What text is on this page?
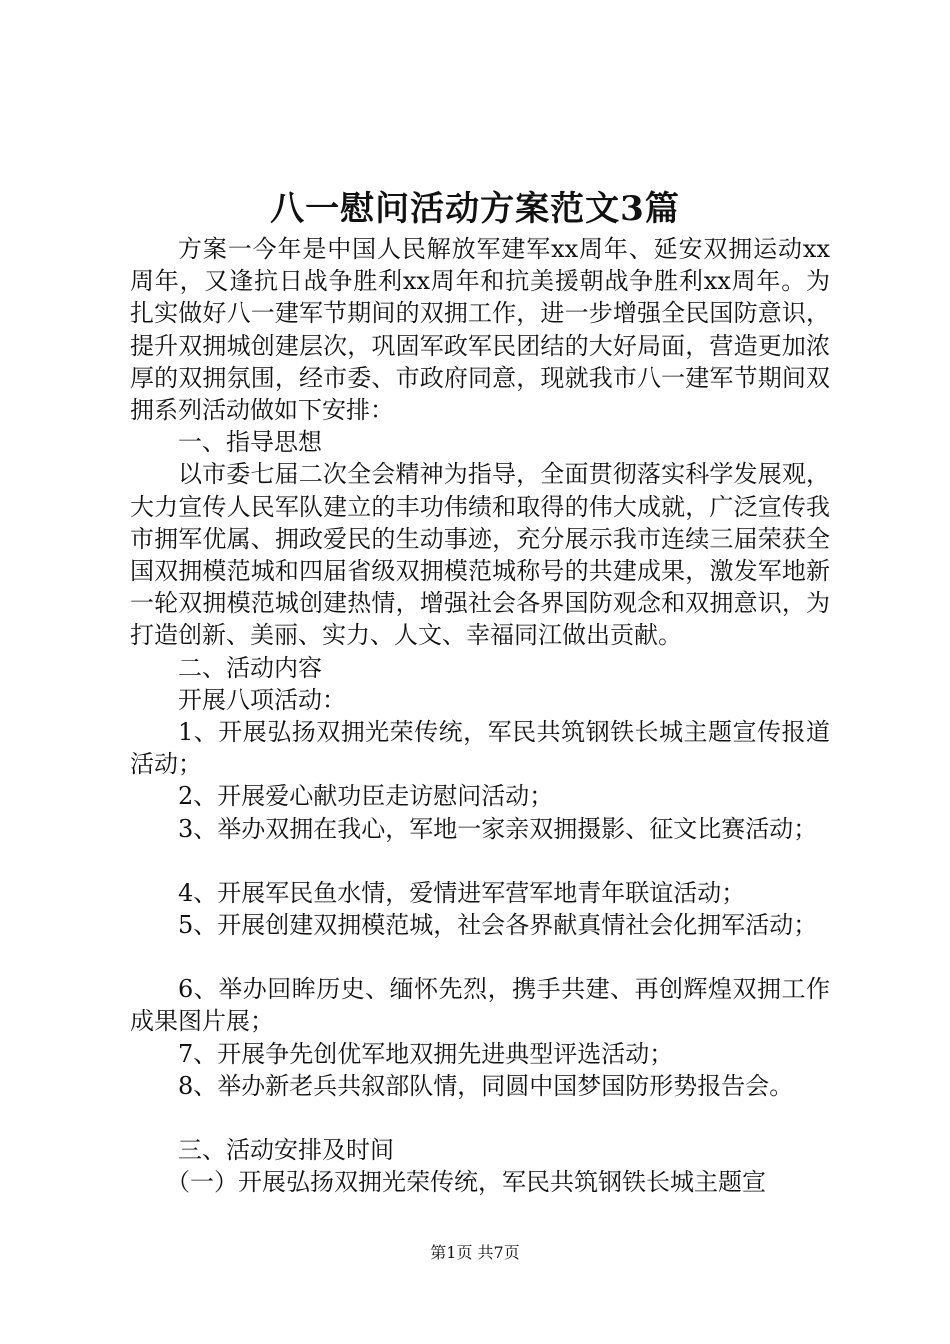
八一慰问活动方案范文3篇

方案一今年是中国人民解放军建军xx周年、延安双拥运动xx周年，又逢抗日战争胜利xx周年和抗美援朝战争胜利xx周年。为扎实做好八一建军节期间的双拥工作，进一步增强全民国防意识，提升双拥城创建层次，巩固军政军民团结的大好局面，营造更加浓厚的双拥氛围，经市委、市政府同意，现就我市八一建军节期间双拥系列活动做如下安排：

一、指导思想

以市委七届二次全会精神为指导，全面贯彻落实科学发展观，大力宣传人民军队建立的丰功伟绩和取得的伟大成就，广泛宣传我市拥军优属、拥政爱民的生动事迹，充分展示我市连续三届荣获全国双拥模范城和四届省级双拥模范城称号的共建成果，激发军地新一轮双拥模范城创建热情，增强社会各界国防观念和双拥意识，为打造创新、美丽、实力、人文、幸福同江做出贡献。

二、活动内容

开展八项活动：

1、开展弘扬双拥光荣传统，军民共筑钢铁长城主题宣传报道活动；

2、开展爱心献功臣走访慰问活动；

3、举办双拥在我心，军地一家亲双拥摄影、征文比赛活动；

4、开展军民鱼水情，爱情进军营军地青年联谊活动；

5、开展创建双拥模范城，社会各界献真情社会化拥军活动；

6、举办回眸历史、缅怀先烈，携手共建、再创辉煌双拥工作成果图片展；

7、开展争先创优军地双拥先进典型评选活动；

8、举办新老兵共叙部队情，同圆中国梦国防形势报告会。

三、活动安排及时间

（一）开展弘扬双拥光荣传统，军民共筑钢铁长城主题宣

第1页 共7页
